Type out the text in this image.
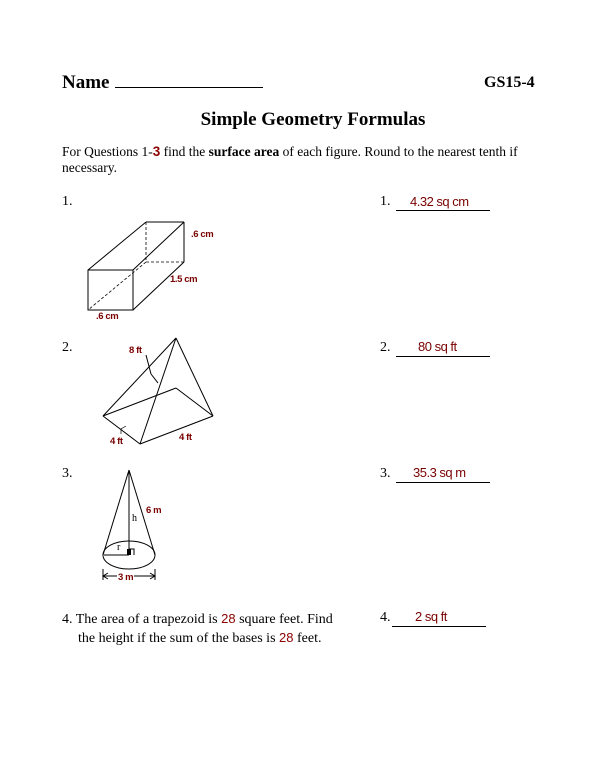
Name	GS15-4
Simple Geometry Formulas
For Questions 1-3 find the surface area of each figure. Round to the nearest tenth if necessary.
1.
.6 cm
1.5 cm
.6 cm
1. 4.32 sq cm
2.	8 ft
4 ft	4 ft
2. 80 sq ft
3.
6 m
h
r
3 m
3. 35.3 sq m
4. The area of a trapezoid is 28 square feet. Find
the height if the sum of the bases is 28 feet.
4. 2 sq ft
